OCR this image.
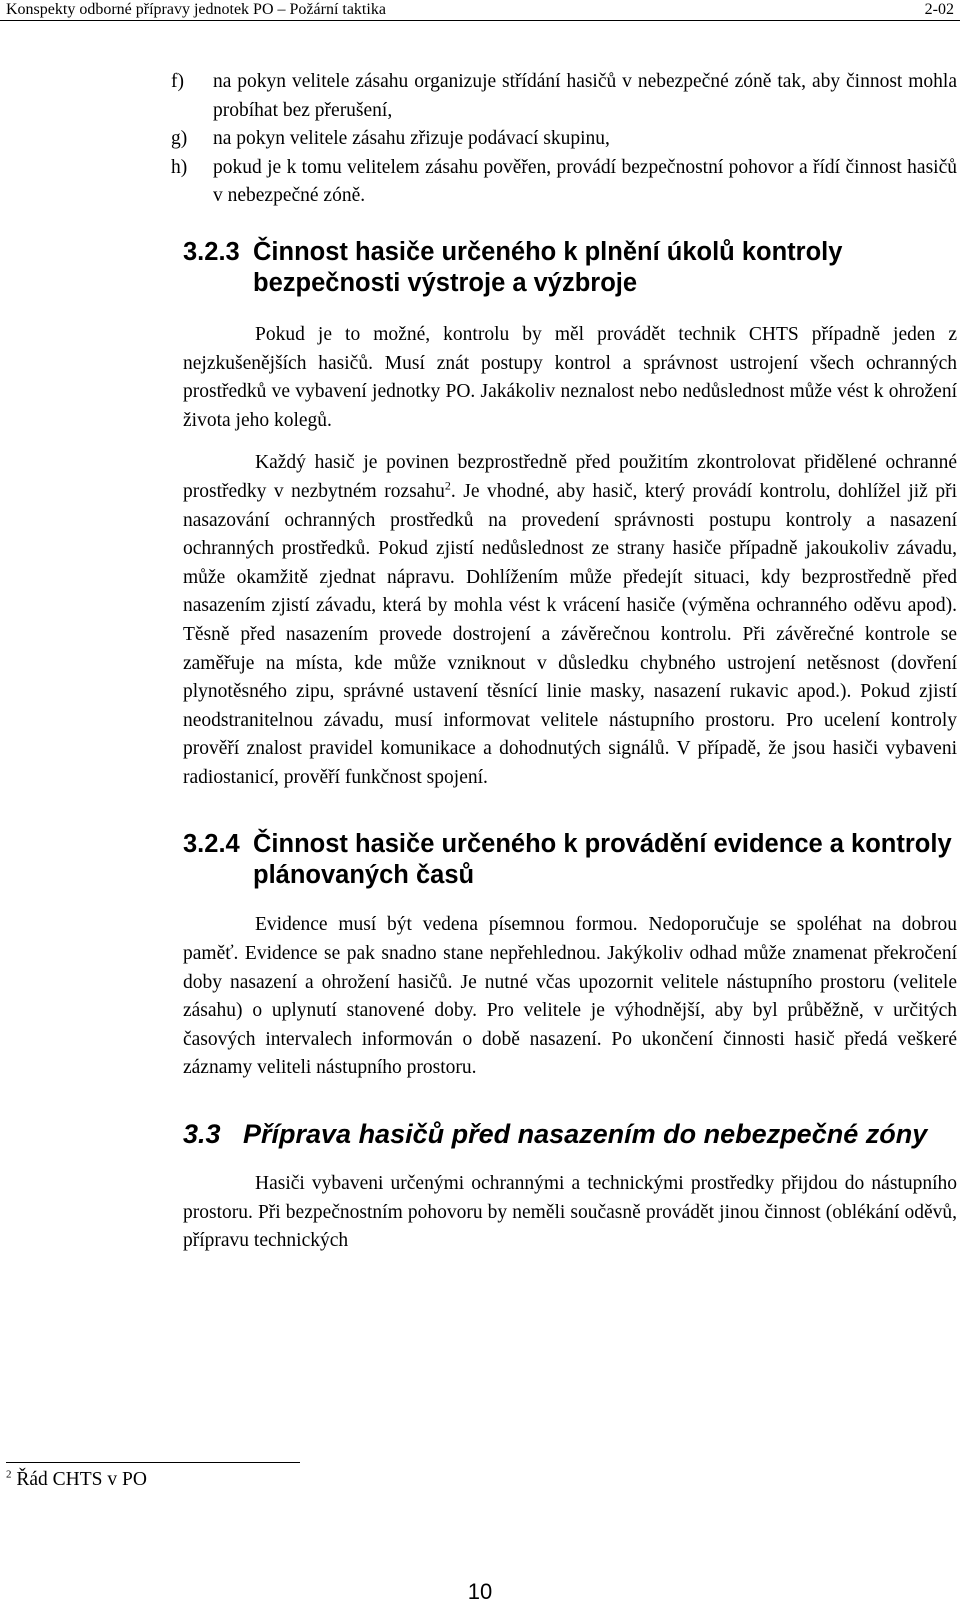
Konspekty odborné přípravy jednotek PO – Požární taktika	2-02
f) na pokyn velitele zásahu organizuje střídání hasičů v nebezpečné zóně tak, aby činnost mohla probíhat bez přerušení,
g) na pokyn velitele zásahu zřizuje podávací skupinu,
h) pokud je k tomu velitelem zásahu pověřen, provádí bezpečnostní pohovor a řídí činnost hasičů v nebezpečné zóně.
3.2.3 Činnost hasiče určeného k plnění úkolů kontroly bezpečnosti výstroje a výzbroje

Pokud je to možné, kontrolu by měl provádět technik CHTS případně jeden z nejzkušenějších hasičů. Musí znát postupy kontrol a správnost ustrojení všech ochranných prostředků ve vybavení jednotky PO. Jakákoliv neznalost nebo nedůslednost může vést k ohrožení života jeho kolegů.

Každý hasič je povinen bezprostředně před použitím zkontrolovat přidělené ochranné prostředky v nezbytném rozsahu$^2$. Je vhodné, aby hasič, který provádí kontrolu, dohlížel již při nasazování ochranných prostředků na provedení správnosti postupu kontroly a nasazení ochranných prostředků. Pokud zjistí nedůslednost ze strany hasiče případně jakoukoliv závadu, může okamžitě zjednat nápravu. Dohlížením může předejít situaci, kdy bezprostředně před nasazením zjistí závadu, která by mohla vést k vrácení hasiče (výměna ochranného oděvu apod). Těsně před nasazením provede dostrojení a závěrečnou kontrolu. Při závěrečné kontrole se zaměřuje na místa, kde může vzniknout v důsledku chybného ustrojení netěsnost (dovření plynotěsného zipu, správné ustavení těsnící linie masky, nasazení rukavic apod.). Pokud zjistí neodstranitelnou závadu, musí informovat velitele nástupního prostoru. Pro ucelení kontroly prověří znalost pravidel komunikace a dohodnutých signálů. V případě, že jsou hasiči vybaveni radiostanicí, prověří funkčnost spojení.

3.2.4 Činnost hasiče určeného k provádění evidence a kontroly plánovaných časů

Evidence musí být vedena písemnou formou. Nedoporučuje se spoléhat na dobrou paměť. Evidence se pak snadno stane nepřehlednou. Jakýkoliv odhad může znamenat překročení doby nasazení a ohrožení hasičů. Je nutné včas upozornit velitele nástupního prostoru (velitele zásahu) o uplynutí stanovené doby. Pro velitele je výhodnější, aby byl průběžně, v určitých časových intervalech informován o době nasazení. Po ukončení činnosti hasič předá veškeré záznamy veliteli nástupního prostoru.

3.3 Příprava hasičů před nasazením do nebezpečné zóny

Hasiči vybaveni určenými ochrannými a technickými prostředky přijdou do nástupního prostoru. Při bezpečnostním pohovoru by neměli současně provádět jinou činnost (oblékání oděvů, přípravu technických

$^2$ Řád CHTS v PO
10
